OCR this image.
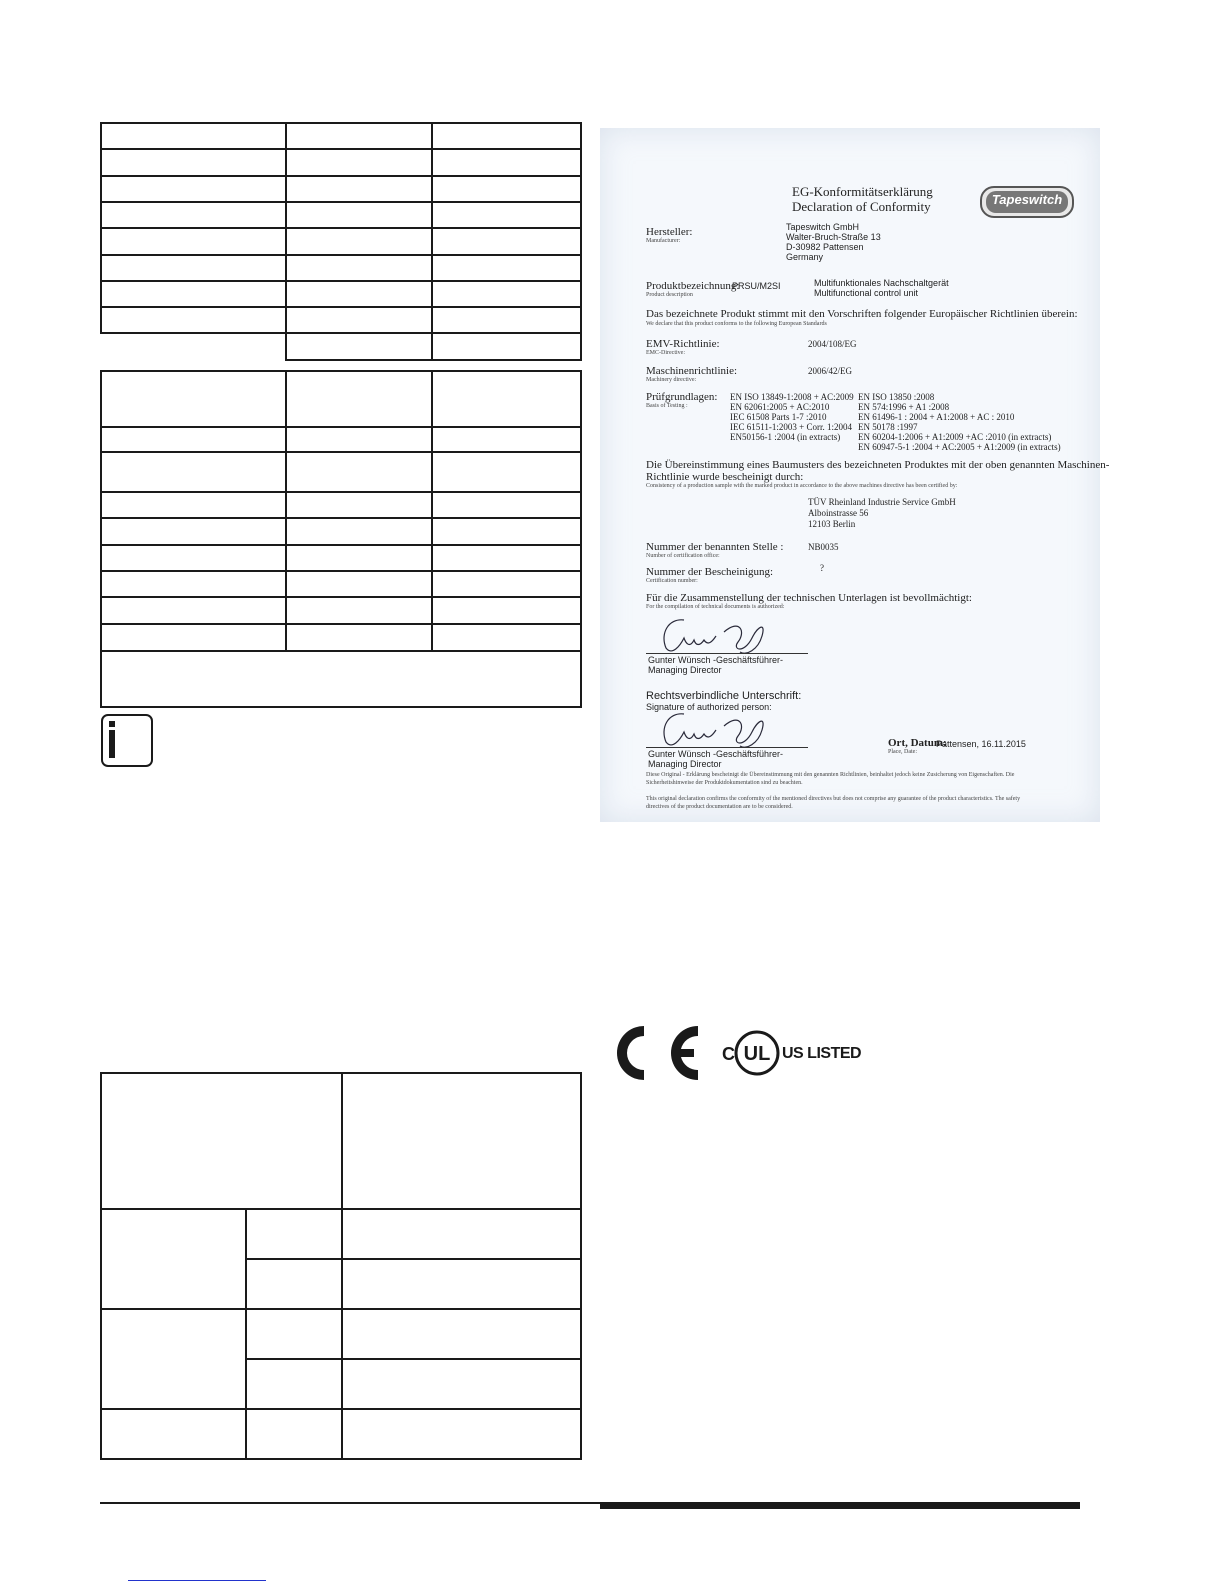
EG-Konformitätserklärung
Declaration of Conformity	Tapeswitch
Hersteller:
Manufacturer:
Tapeswitch GmbH
Walter-Bruch-Straße 13
D-30982 Pattensen
Germany
Produktbezeichnung:
Product description
PRSU/M2SI	Multifunktionales Nachschaltgerät
Multifunctional control unit
Das bezeichnete Produkt stimmt mit den Vorschriften folgender Europäischer Richtlinien überein:
We declare that this product conforms to the following European Standards
EMV-Richtlinie:
EMC-Directive:
2004/108/EG
Maschinenrichtlinie:
Machinery directive:
2006/42/EG
Prüfgrundlagen:
Basis of Testing :
EN ISO 13849-1:2008 + AC:2009
EN 62061:2005 + AC:2010
IEC 61508 Parts 1-7 :2010
IEC 61511-1:2003 + Corr. 1:2004
EN50156-1 :2004 (in extracts)
EN ISO 13850 :2008
EN 574:1996 + A1 :2008
EN 61496-1 : 2004 + A1:2008 + AC : 2010
EN 50178 :1997
EN 60204-1:2006 + A1:2009 +AC :2010 (in extracts)
EN 60947-5-1 :2004 + AC:2005 + A1:2009 (in extracts)
Die Übereinstimmung eines Baumusters des bezeichneten Produktes mit der oben genannten Maschinen-
Richtlinie wurde bescheinigt durch:
Consistency of a production sample with the marked product in accordance to the above machines directive has been certified by:
TÜV Rheinland Industrie Service GmbH
Alboinstrasse 56
12103 Berlin
Nummer der benannten Stelle :
Number of certification office:
NB0035
Nummer der Bescheinigung:
Certification number:
?
Für die Zusammenstellung der technischen Unterlagen ist bevollmächtigt:
For the compilation of technical documents is authorized:
Gunter Wünsch -Geschäftsführer-
Managing Director
Rechtsverbindliche Unterschrift:
Signature of authorized person:
Gunter Wünsch -Geschäftsführer-
Managing Director
Ort, Datum:
Place, Date:
Pattensen, 16.11.2015
Diese Original - Erklärung bescheinigt die Übereinstimmung mit den genannten Richtlinien, beinhaltet jedoch keine Zusicherung von Eigenschaften. Die
Sicherheitshinweise der Produktdokumentation sind zu beachten.
This original declaration confirms the conformity of the mentioned directives but does not comprise any guarantee of the product characteristics. The safety
directives of the product documentation are to be considered.
C UL US LISTED
